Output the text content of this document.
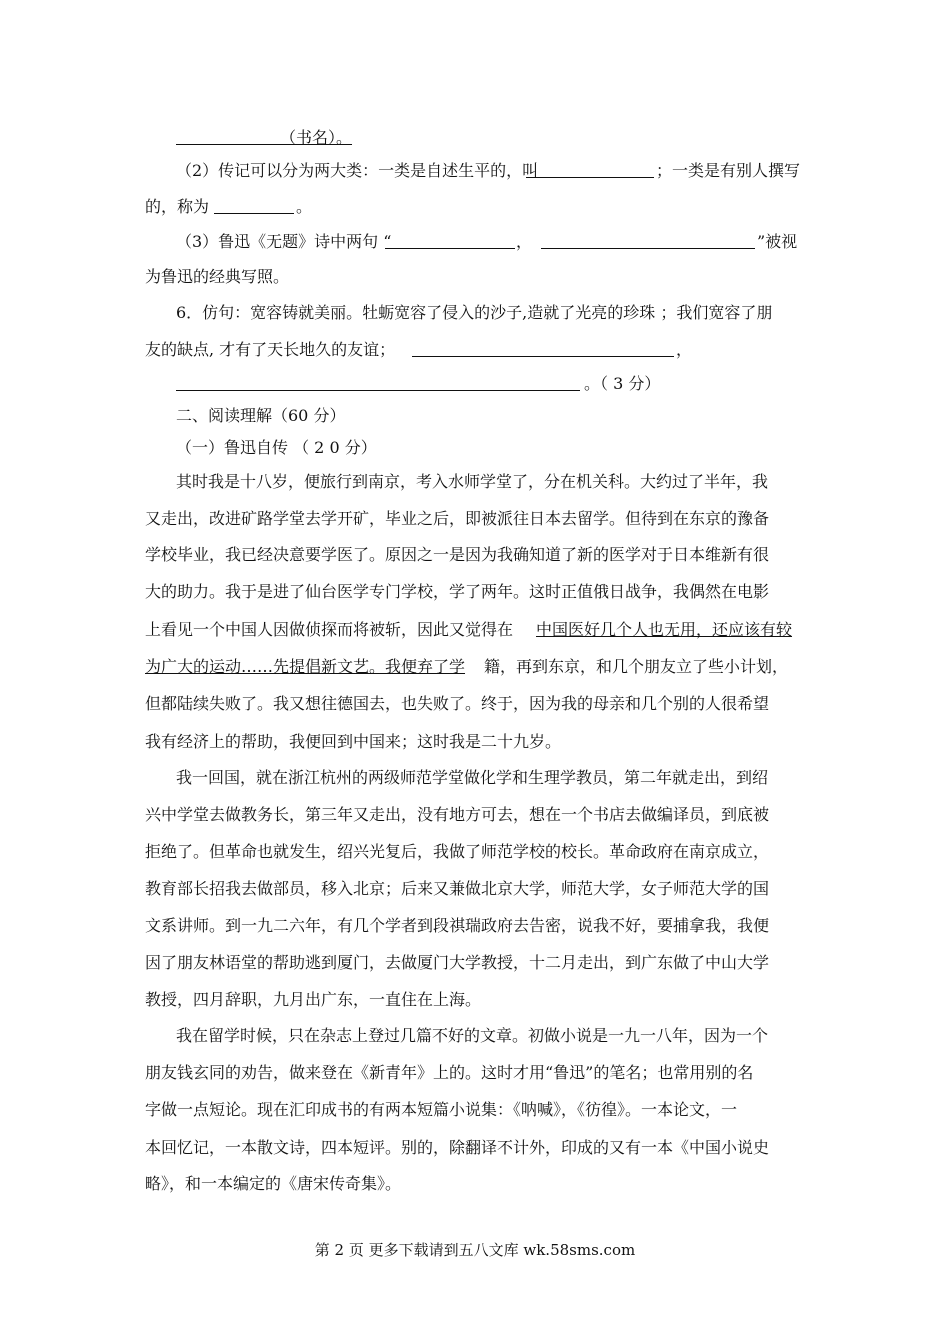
（书名）。
（2）传记可以分为两大类：一类是自述生平的，叫	；一类是有别人撰写
的，称为	。
（3）鲁迅《无题》诗中两句 “	，	”被视
为鲁迅的经典写照。
6．仿句：宽容铸就美丽。牡蛎宽容了侵入的沙子,造就了光亮的珍珠 ；我们宽容了朋
友的缺点, 才有了天长地久的友谊；	，
。（ 3 分）
二、阅读理解（60 分）
（一）鲁迅自传 （ 2 0 分）
其时我是十八岁，便旅行到南京，考入水师学堂了，分在机关科。大约过了半年，我
又走出，改进矿路学堂去学开矿，毕业之后，即被派往日本去留学。但待到在东京的豫备
学校毕业，我已经决意要学医了。原因之一是因为我确知道了新的医学对于日本维新有很
大的助力。我于是进了仙台医学专门学校，学了两年。这时正值俄日战争，我偶然在电影
上看见一个中国人因做侦探而将被斩，因此又觉得在 中国医好几个人也无用，还应该有较
为广大的运动……先提倡新文艺。我便弃了学 籍，再到东京，和几个朋友立了些小计划，
但都陆续失败了。我又想往德国去，也失败了。终于，因为我的母亲和几个别的人很希望
我有经济上的帮助，我便回到中国来；这时我是二十九岁。
我一回国，就在浙江杭州的两级师范学堂做化学和生理学教员，第二年就走出，到绍
兴中学堂去做教务长，第三年又走出，没有地方可去，想在一个书店去做编译员，到底被
拒绝了。但革命也就发生，绍兴光复后，我做了师范学校的校长。革命政府在南京成立，
教育部长招我去做部员，移入北京；后来又兼做北京大学，师范大学，女子师范大学的国
文系讲师。到一九二六年，有几个学者到段祺瑞政府去告密，说我不好，要捕拿我，我便
因了朋友林语堂的帮助逃到厦门，去做厦门大学教授，十二月走出，到广东做了中山大学
教授，四月辞职，九月出广东，一直住在上海。
我在留学时候，只在杂志上登过几篇不好的文章。初做小说是一九一八年，因为一个
朋友钱玄同的劝告，做来登在《新青年》上的。这时才用“鲁迅”的笔名；也常用别的名
字做一点短论。现在汇印成书的有两本短篇小说集：《呐喊》，《彷徨》。一本论文，一
本回忆记，一本散文诗，四本短评。别的，除翻译不计外，印成的又有一本《中国小说史
略》，和一本编定的《唐宋传奇集》。
第 2 页 更多下载请到五八文库 wk.58sms.com
